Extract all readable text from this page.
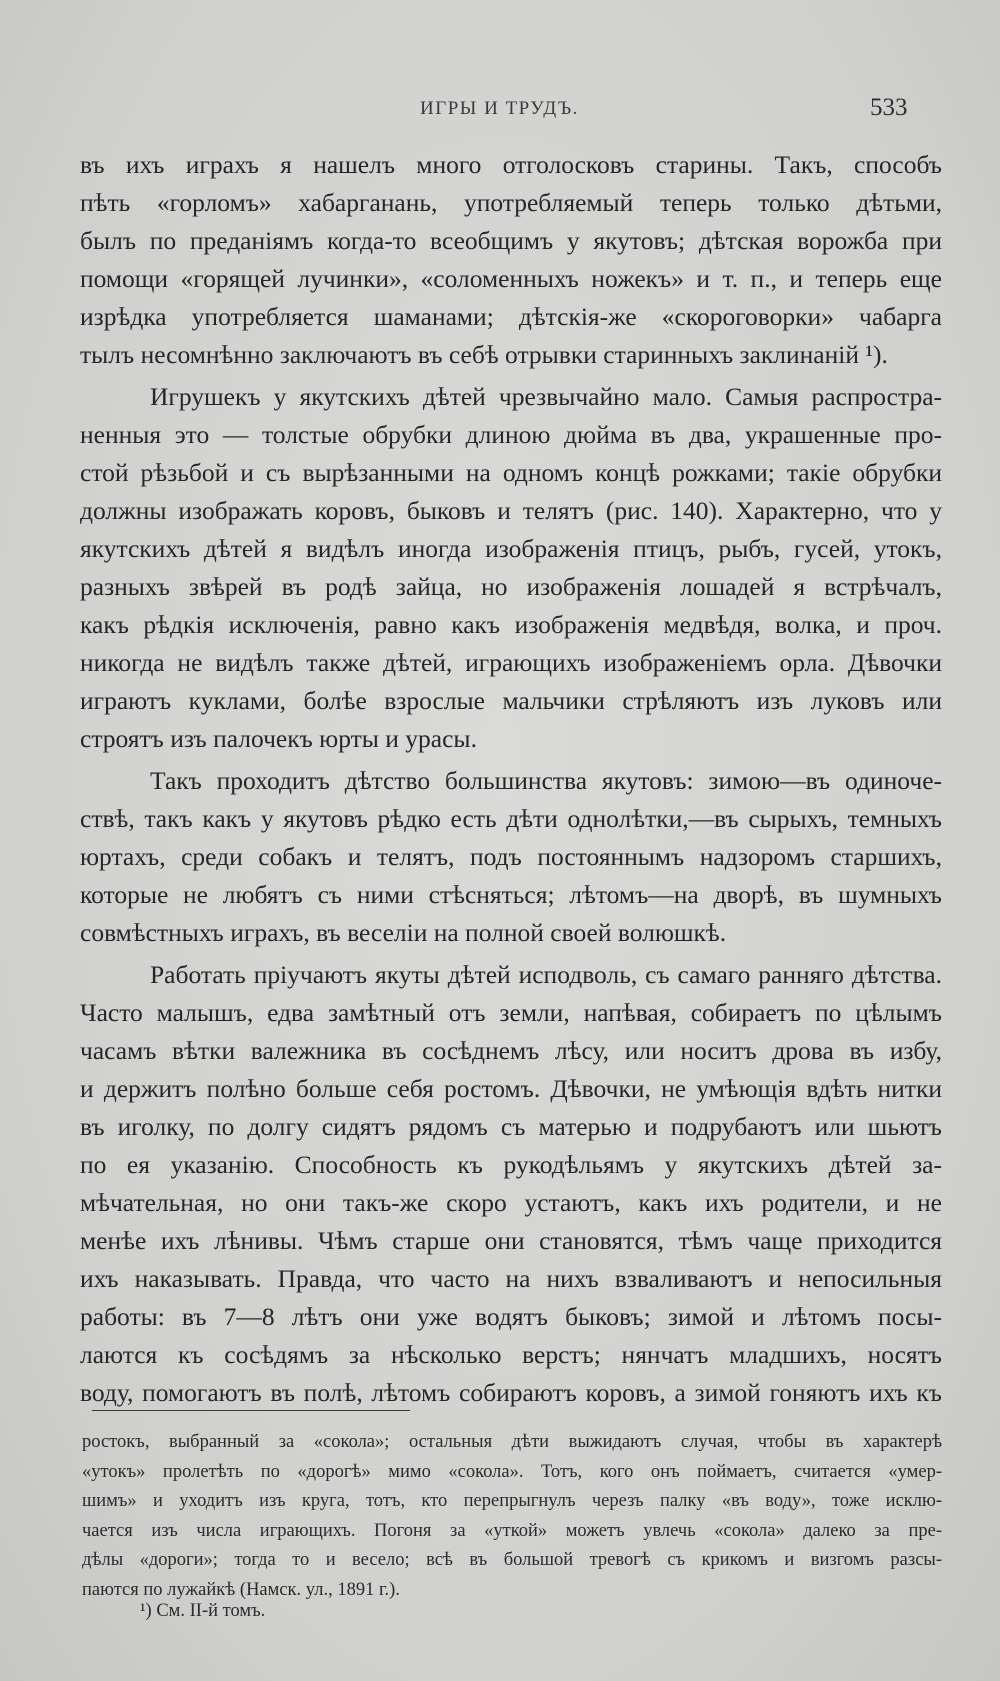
ИГРЫ И ТРУДЪ.	533

въ ихъ играхъ я нашелъ много отголосковъ старины. Такъ, способъ
пѣть «горломъ» хабарганань, употребляемый теперь только дѣтьми,
былъ по преданiямъ когда-то всеобщимъ у якутовъ; дѣтская ворожба при
помощи «горящей лучинки», «соломенныхъ ножекъ» и т. п., и теперь еще
изрѣдка употребляется шаманами; дѣтскiя-же «скороговорки» чабарга
тылъ несомнѣнно заключаютъ въ себѣ отрывки старинныхъ заклинаній ¹).

Игрушекъ у якутскихъ дѣтей чрезвычайно мало. Самыя распростра-
ненныя это — толстые обрубки длиною дюйма въ два, украшенные про-
стой рѣзьбой и съ вырѣзанными на одномъ концѣ рожками; такiе обрубки
должны изображать коровъ, быковъ и телятъ (рис. 140). Характерно, что у
якутскихъ дѣтей я видѣлъ иногда изображенiя птицъ, рыбъ, гусей, утокъ,
разныхъ звѣрей въ родѣ зайца, но изображенiя лошадей я встрѣчалъ,
какъ рѣдкiя исключенiя, равно какъ изображенiя медвѣдя, волка, и проч.
никогда не видѣлъ также дѣтей, играющихъ изображенiемъ орла. Дѣвочки
играютъ куклами, болѣе взрослые мальчики стрѣляютъ изъ луковъ или
строятъ изъ палочекъ юрты и урасы.

Такъ проходитъ дѣтство большинства якутовъ: зимою—въ одиноче-
ствѣ, такъ какъ у якутовъ рѣдко есть дѣти однолѣтки,—въ сырыхъ, темныхъ
юртахъ, среди собакъ и телятъ, подъ постояннымъ надзоромъ старшихъ,
которые не любятъ съ ними стѣсняться; лѣтомъ—на дворѣ, въ шумныхъ
совмѣстныхъ играхъ, въ веселiи на полной своей волюшкѣ.

Работать прiучаютъ якуты дѣтей исподволь, съ самаго ранняго дѣтства.
Часто малышъ, едва замѣтный отъ земли, напѣвая, собираетъ по цѣлымъ
часамъ вѣтки валежника въ сосѣднемъ лѣсу, или носитъ дрова въ избу,
и держитъ полѣно больше себя ростомъ. Дѣвочки, не умѣющiя вдѣть нитки
въ иголку, по долгу сидятъ рядомъ съ матерью и подрубаютъ или шьютъ
по ея указанiю. Способность къ рукодѣльямъ у якутскихъ дѣтей за-
мѣчательная, но они такъ-же скоро устаютъ, какъ ихъ родители, и не
менѣе ихъ лѣнивы. Чѣмъ старше они становятся, тѣмъ чаще приходится
ихъ наказывать. Правда, что часто на нихъ взваливаютъ и непосильныя
работы: въ 7—8 лѣтъ они уже водятъ быковъ; зимой и лѣтомъ посы-
лаются къ сосѣдямъ за нѣсколько верстъ; нянчатъ младшихъ, носятъ
воду, помогаютъ въ полѣ, лѣтомъ собираютъ коровъ, а зимой гоняютъ ихъ къ

ростокъ, выбранный за «сокола»; остальныя дѣти выжидаютъ случая, чтобы въ характерѣ
«утокъ» пролетѣть по «дорогѣ» мимо «сокола». Тотъ, кого онъ поймаетъ, считается «умер-
шимъ» и уходитъ изъ круга, тотъ, кто перепрыгнулъ черезъ палку «въ воду», тоже исклю-
чается изъ числа играющихъ. Погоня за «уткой» можетъ увлечь «сокола» далеко за пре-
дѣлы «дороги»; тогда то и весело; всѣ въ большой тревогѣ съ крикомъ и визгомъ разсы-
паются по лужайкѣ (Намск. ул., 1891 г.).
¹) См. II-й томъ.
